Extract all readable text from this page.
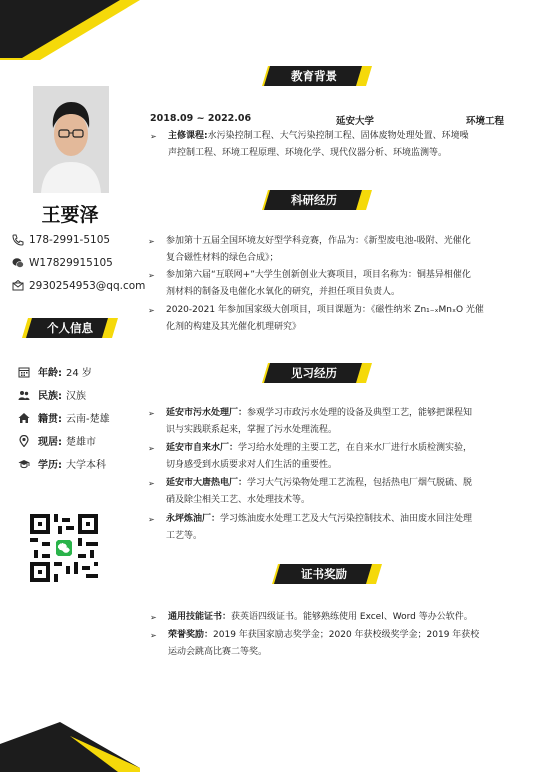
王要泽
178-2991-5105
W17829915105
2930254953@qq.com
个人信息
年龄: 24 岁
民族: 汉族
籍贯: 云南-楚雄
现居: 楚雄市
学历: 大学本科
教育背景
2018.09 ~ 2022.06	延安大学	环境工程
➢	主修课程:水污染控制工程、大气污染控制工程、固体废物处理处置、环境噪
声控制工程、环境工程原理、环境化学、现代仪器分析、环境监测等。
科研经历
➢	参加第十五届全国环境友好型学科竞赛，作品为：《新型废电池-吸附、光催化
复合磁性材料的绿色合成》；
➢	参加第六届“互联网+”大学生创新创业大赛项目，项目名称为：铜基异相催化
剂材料的制备及电催化水氧化的研究，并担任项目负责人。
➢	2020-2021 年参加国家级大创项目，项目课题为：《磁性纳米 Zn₁₋ₓMnₓO 光催
化剂的构建及其光催化机理研究》
见习经历
➢	延安市污水处理厂：参观学习市政污水处理的设备及典型工艺，能够把课程知
识与实践联系起来，掌握了污水处理流程。
➢	延安市自来水厂：学习给水处理的主要工艺，在自来水厂进行水质检测实验，
切身感受到水质要求对人们生活的重要性。
➢	延安市大唐热电厂：学习大气污染物处理工艺流程，包括热电厂烟气脱硫、脱
硝及除尘相关工艺、水处理技术等。
➢	永坪炼油厂：学习炼油废水处理工艺及大气污染控制技术、油田废水回注处理
工艺等。
证书奖励
➢	通用技能证书：获英语四级证书。能够熟练使用 Excel、Word 等办公软件。
➢	荣誉奖励：2019 年获国家励志奖学金；2020 年获校级奖学金；2019 年获校
运动会跳高比赛二等奖。
